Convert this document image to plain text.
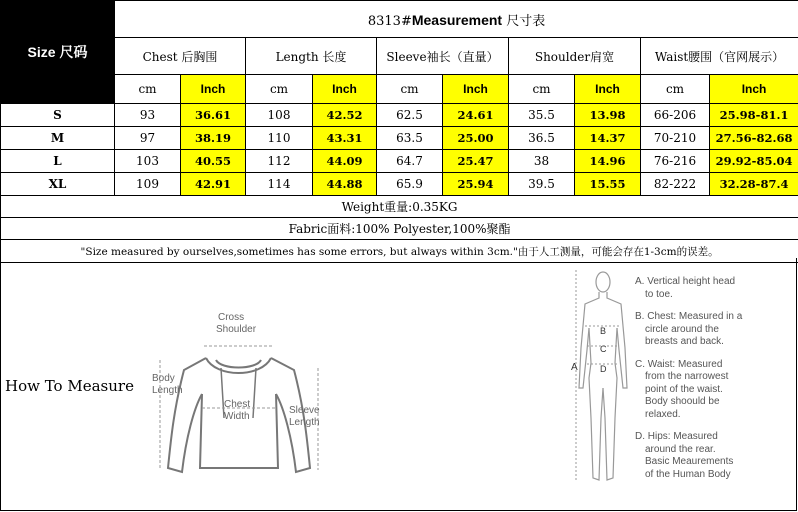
Size 尺码	8313#Measurement 尺寸表									
	Chest 后胸围		Length 长度		Sleeve袖长（直量）		Shoulder肩宽		Waist腰围（官网展示）	
	cm	Inch	cm	Inch	cm	Inch	cm	Inch	cm	Inch
S	93	36.61	108	42.52	62.5	24.61	35.5	13.98	66-206	25.98-81.1
M	97	38.19	110	43.31	63.5	25.00	36.5	14.37	70-210	27.56-82.68
L	103	40.55	112	44.09	64.7	25.47	38	14.96	76-216	29.92-85.04
XL	109	42.91	114	44.88	65.9	25.94	39.5	15.55	82-222	32.28-87.4
Weight重量:0.35KG										
Fabric面料:100% Polyester,100%聚酯										
"Size measured by ourselves,sometimes has some errors, but always within 3cm."由于人工测量，可能会存在1-3cm的误差。										
How To Measure
Cross
Shoulder
Body
Length
Chest
Width
Sleeve
Length
A
B
C
D
A. Vertical height head
to toe.
B. Chest: Measured in a
circle around the
breasts and back.
C. Waist: Measured
from the narrowest
point of the waist.
Body shoould be
relaxed.
D. Hips: Measured
around the rear.
Basic Meaurements
of the Human Body
